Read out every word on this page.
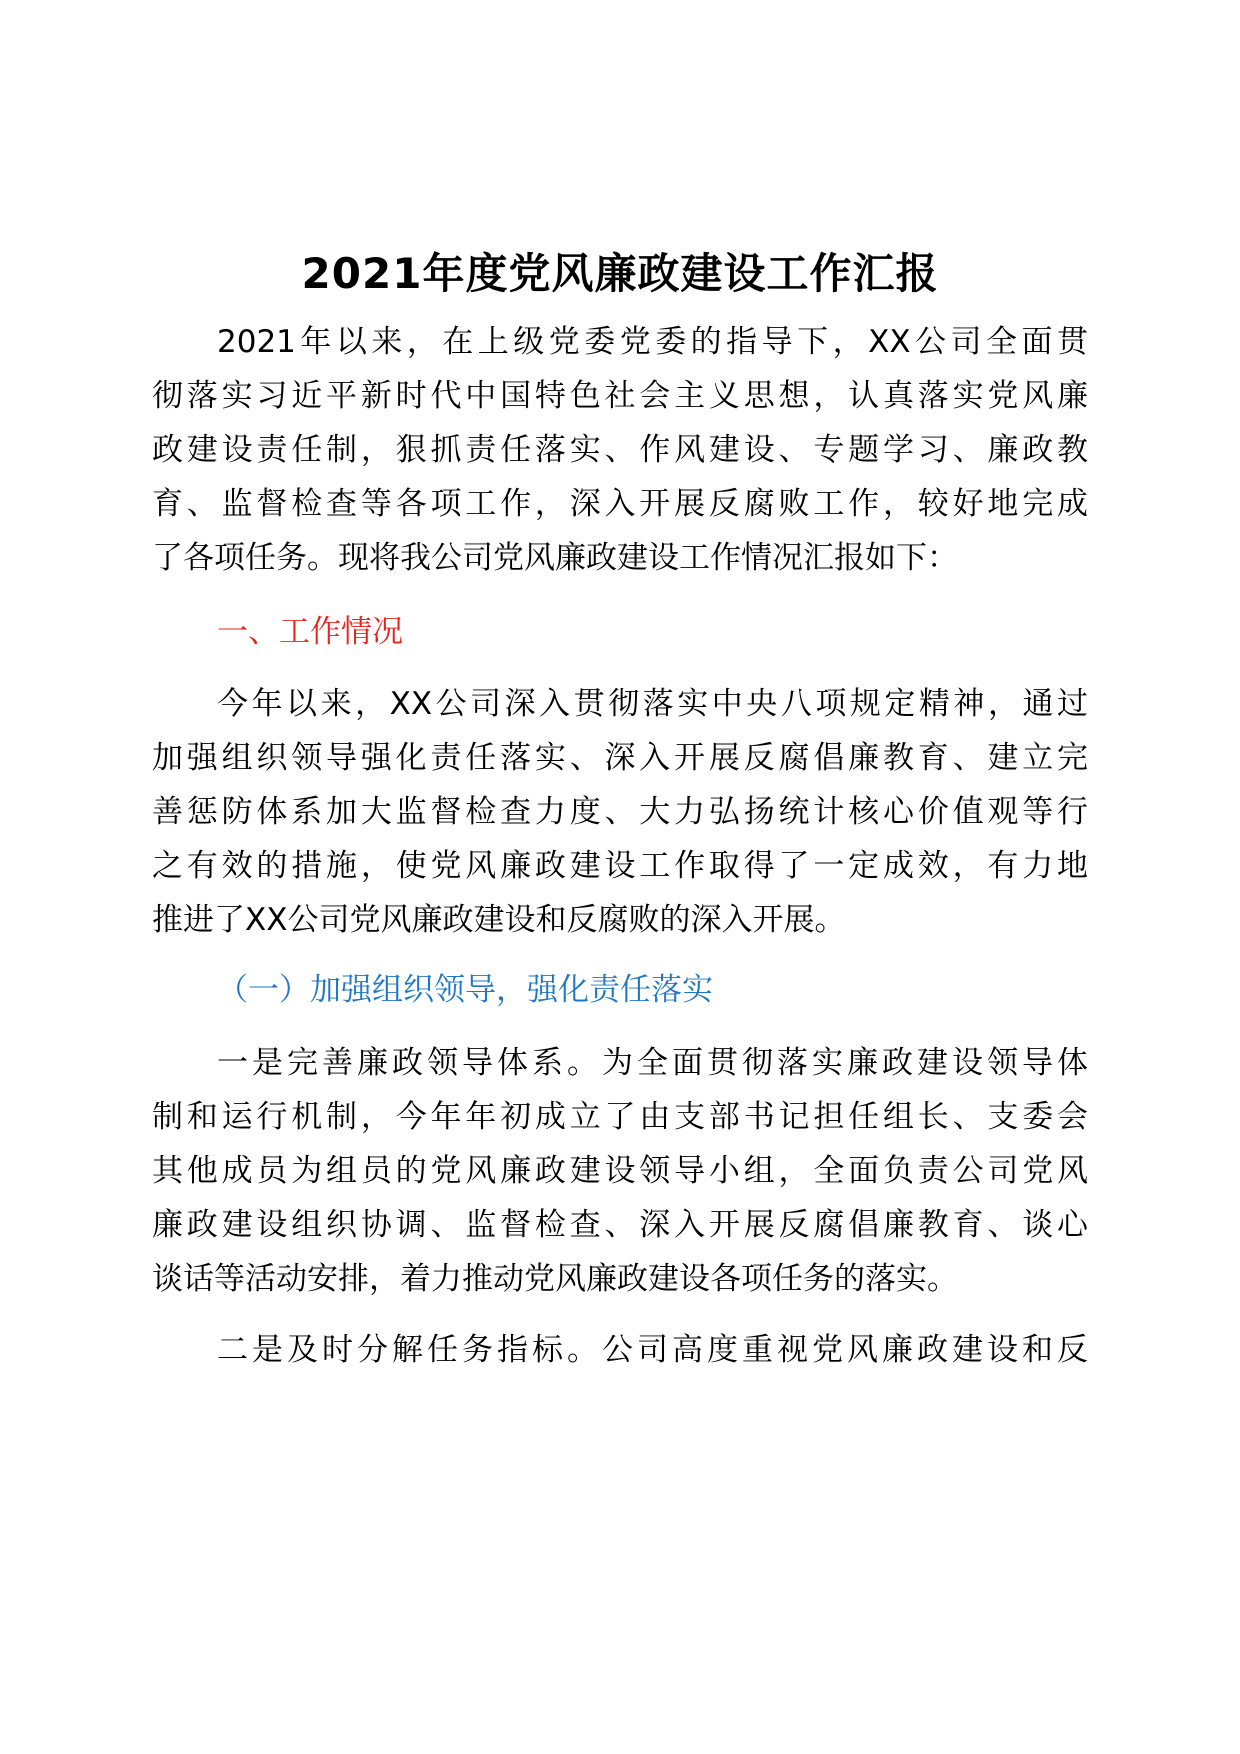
2021年度党风廉政建设工作汇报
2021年以来，在上级党委党委的指导下，XX公司全面贯
彻落实习近平新时代中国特色社会主义思想，认真落实党风廉
政建设责任制，狠抓责任落实、作风建设、专题学习、廉政教
育、监督检查等各项工作，深入开展反腐败工作，较好地完成
了各项任务。现将我公司党风廉政建设工作情况汇报如下：
一、工作情况
今年以来，XX公司深入贯彻落实中央八项规定精神，通过
加强组织领导强化责任落实、深入开展反腐倡廉教育、建立完
善惩防体系加大监督检查力度、大力弘扬统计核心价值观等行
之有效的措施，使党风廉政建设工作取得了一定成效，有力地
推进了XX公司党风廉政建设和反腐败的深入开展。
（一）加强组织领导，强化责任落实
一是完善廉政领导体系。为全面贯彻落实廉政建设领导体
制和运行机制，今年年初成立了由支部书记担任组长、支委会
其他成员为组员的党风廉政建设领导小组，全面负责公司党风
廉政建设组织协调、监督检查、深入开展反腐倡廉教育、谈心
谈话等活动安排，着力推动党风廉政建设各项任务的落实。
二是及时分解任务指标。公司高度重视党风廉政建设和反
